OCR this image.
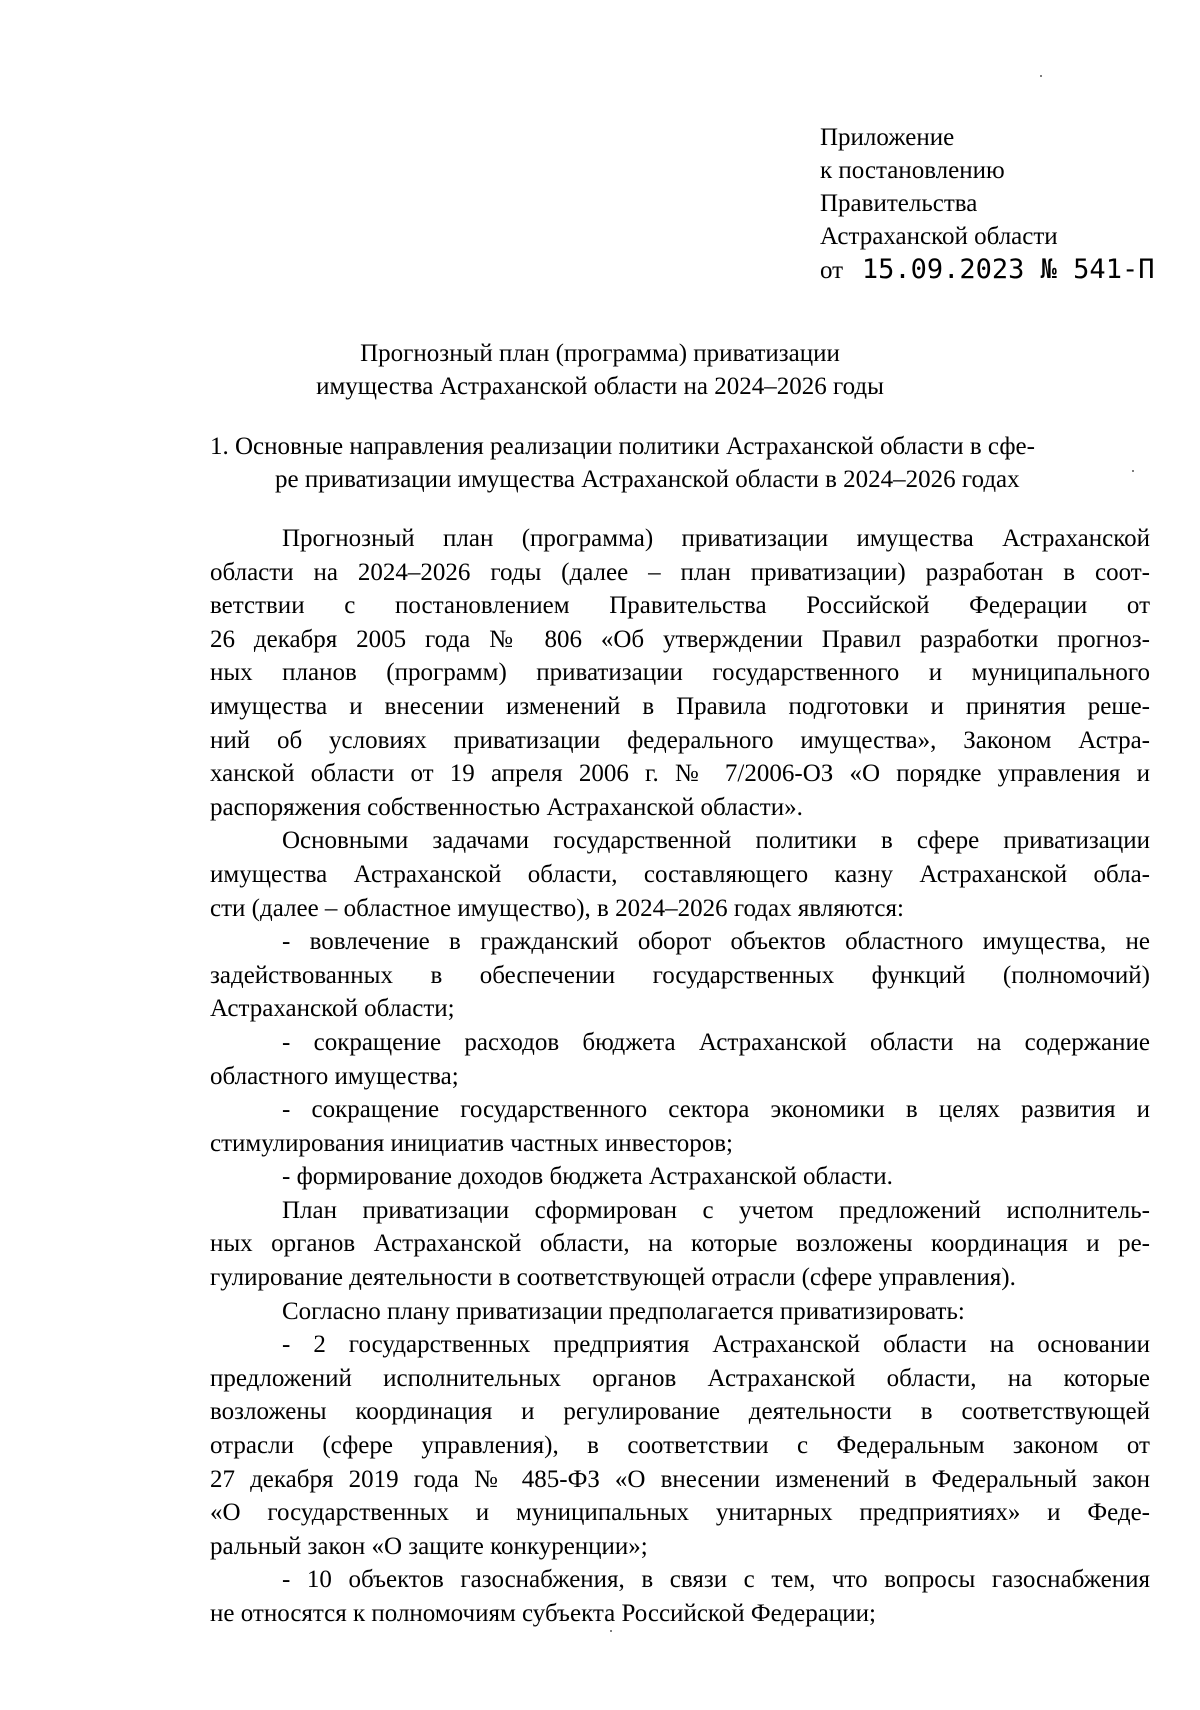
Приложение
к постановлению
Правительства
Астраханской области
от 15.09.2023 № 541-П
Прогнозный план (программа) приватизации
имущества Астраханской области на 2024–2026 годы
1. Основные направления реализации политики Астраханской области в сфе-
ре приватизации имущества Астраханской области в 2024–2026 годах
Прогнозный план (программа) приватизации имущества Астраханской
области на 2024–2026 годы (далее – план приватизации) разработан в соот-
ветствии с постановлением Правительства Российской Федерации от
26 декабря 2005 года № 806 «Об утверждении Правил разработки прогноз-
ных планов (программ) приватизации государственного и муниципального
имущества и внесении изменений в Правила подготовки и принятия реше-
ний об условиях приватизации федерального имущества», Законом Астра-
ханской области от 19 апреля 2006 г. № 7/2006-ОЗ «О порядке управления и
распоряжения собственностью Астраханской области».
Основными задачами государственной политики в сфере приватизации
имущества Астраханской области, составляющего казну Астраханской обла-
сти (далее – областное имущество), в 2024–2026 годах являются:
- вовлечение в гражданский оборот объектов областного имущества, не
задействованных в обеспечении государственных функций (полномочий)
Астраханской области;
- сокращение расходов бюджета Астраханской области на содержание
областного имущества;
- сокращение государственного сектора экономики в целях развития и
стимулирования инициатив частных инвесторов;
- формирование доходов бюджета Астраханской области.
План приватизации сформирован с учетом предложений исполнитель-
ных органов Астраханской области, на которые возложены координация и ре-
гулирование деятельности в соответствующей отрасли (сфере управления).
Согласно плану приватизации предполагается приватизировать:
- 2 государственных предприятия Астраханской области на основании
предложений исполнительных органов Астраханской области, на которые
возложены координация и регулирование деятельности в соответствующей
отрасли (сфере управления), в соответствии с Федеральным законом от
27 декабря 2019 года № 485-ФЗ «О внесении изменений в Федеральный закон
«О государственных и муниципальных унитарных предприятиях» и Феде-
ральный закон «О защите конкуренции»;
- 10 объектов газоснабжения, в связи с тем, что вопросы газоснабжения
не относятся к полномочиям субъекта Российской Федерации;
